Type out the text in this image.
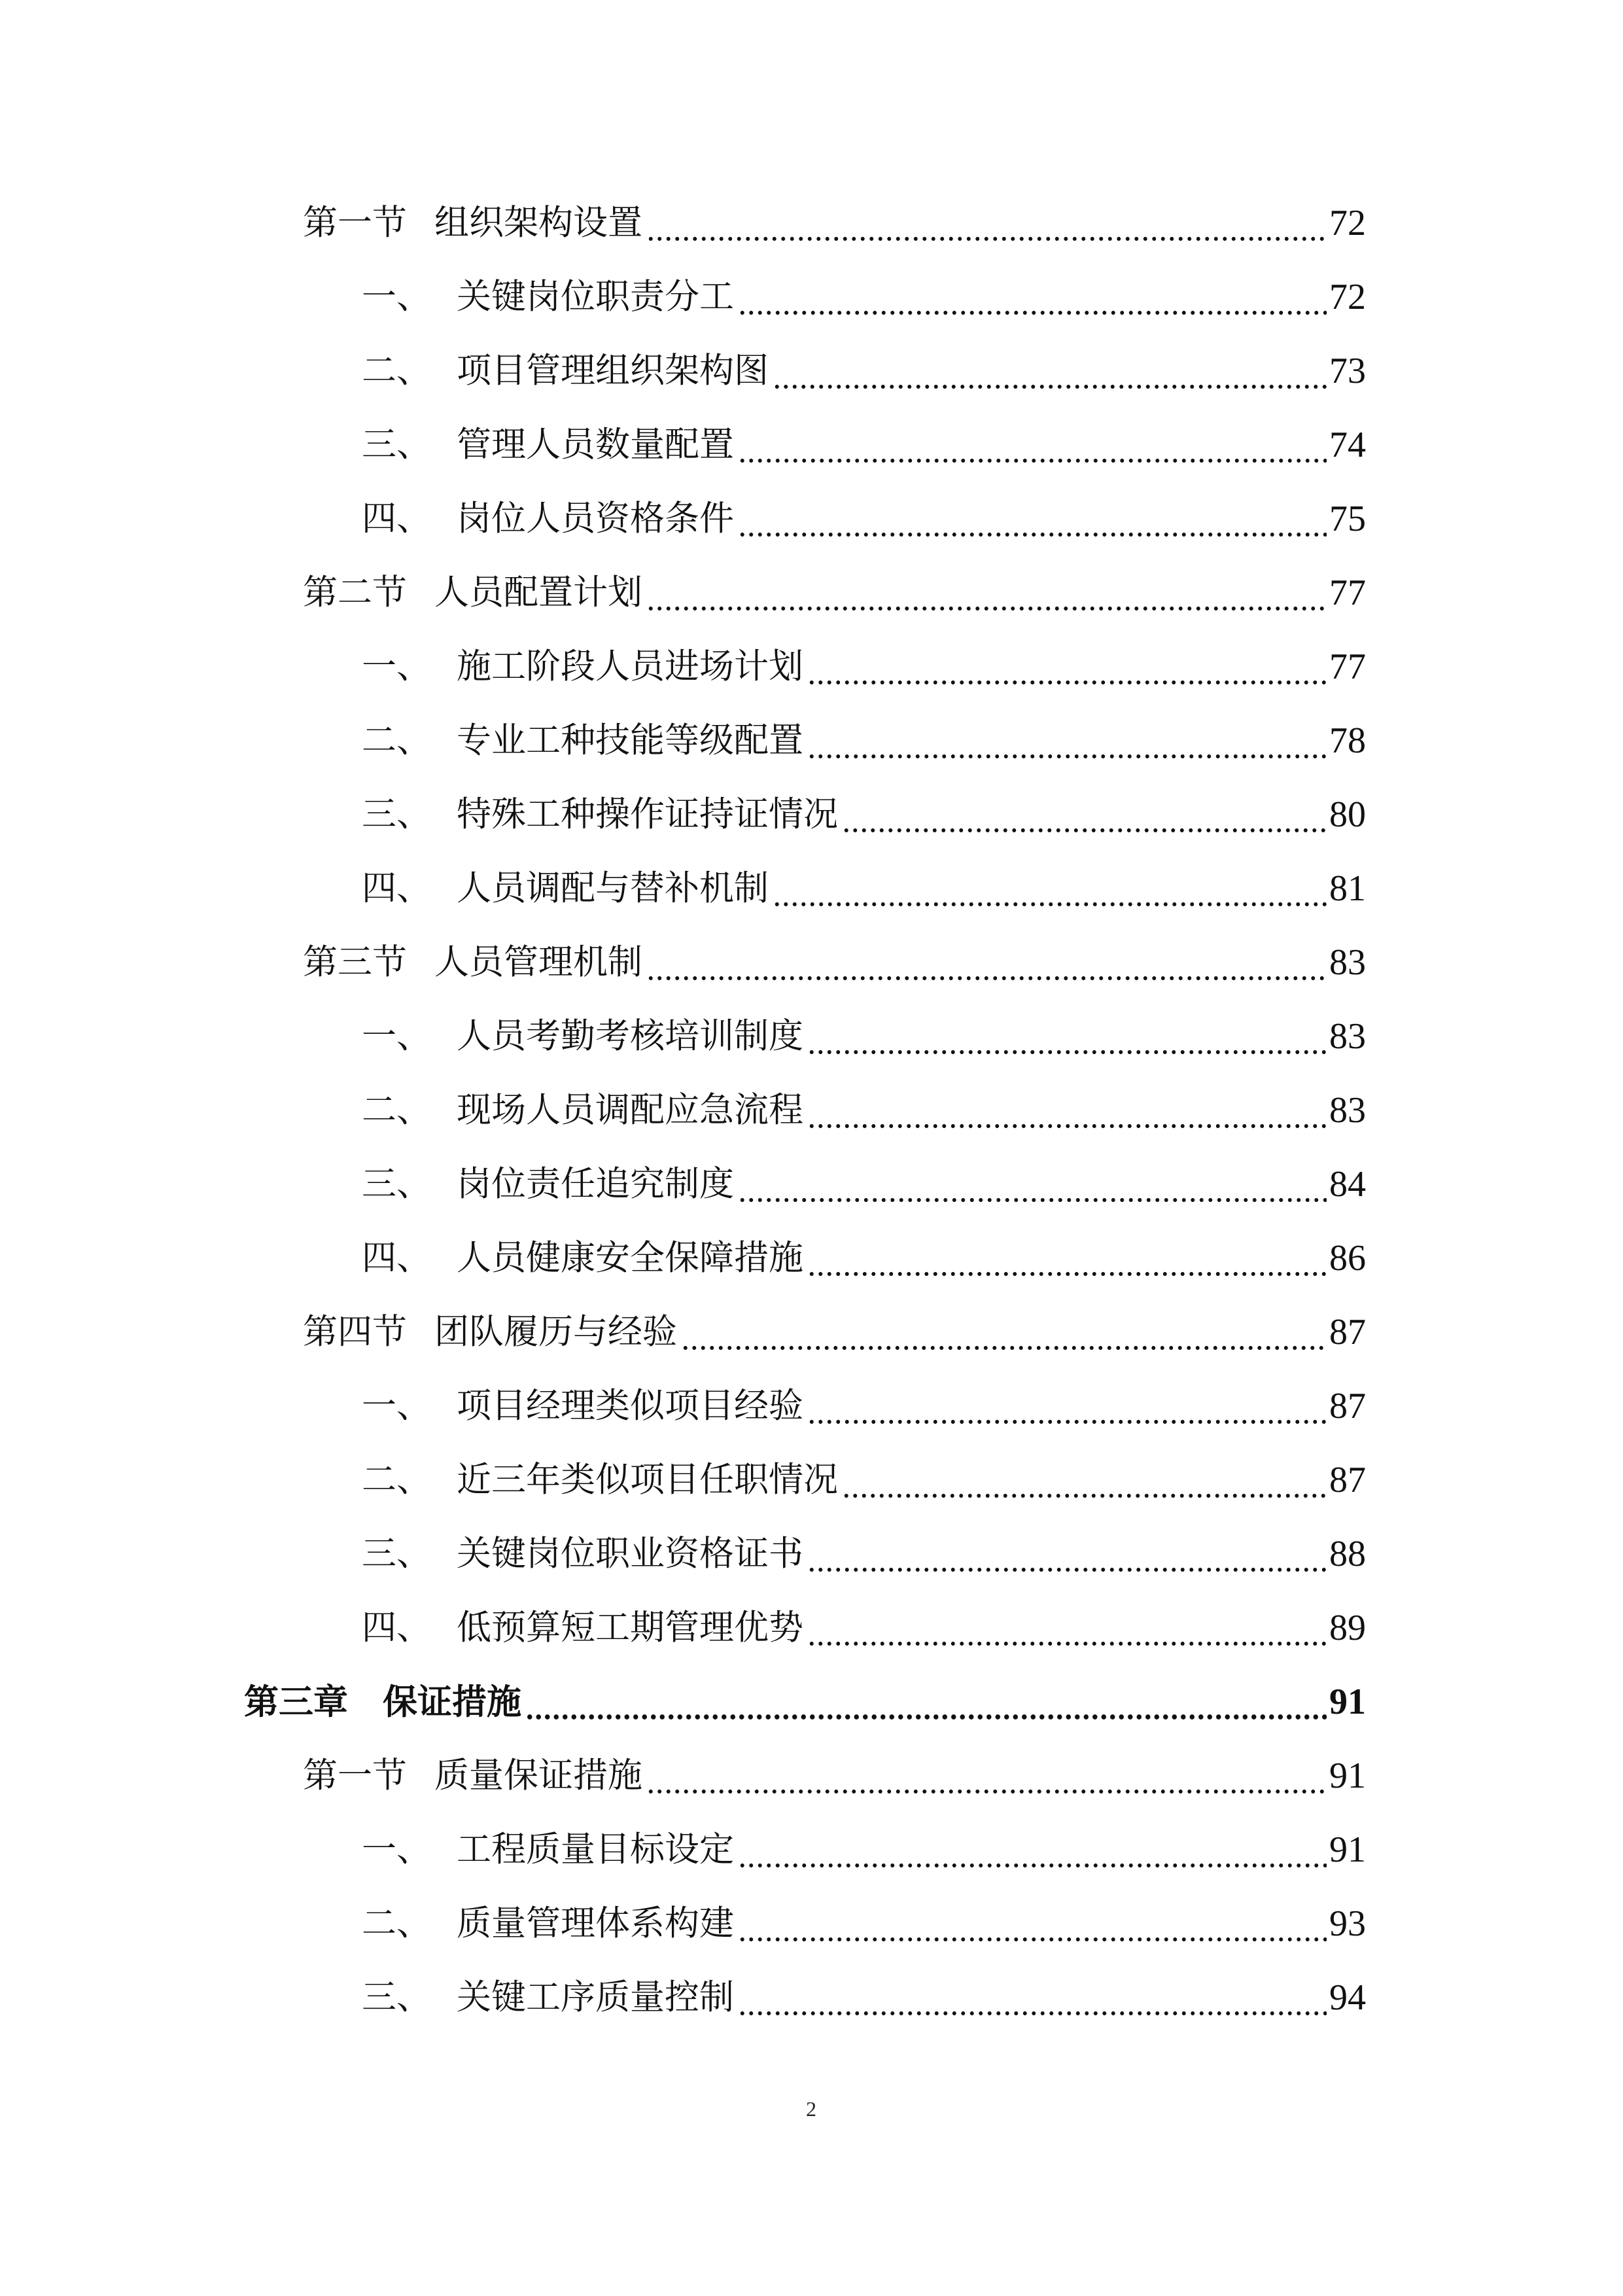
第一节 组织架构设置	72
一、 关键岗位职责分工	72
二、 项目管理组织架构图	73
三、 管理人员数量配置	74
四、 岗位人员资格条件	75
第二节 人员配置计划	77
一、 施工阶段人员进场计划	77
二、 专业工种技能等级配置	78
三、 特殊工种操作证持证情况	80
四、 人员调配与替补机制	81
第三节 人员管理机制	83
一、 人员考勤考核培训制度	83
二、 现场人员调配应急流程	83
三、 岗位责任追究制度	84
四、 人员健康安全保障措施	86
第四节 团队履历与经验	87
一、 项目经理类似项目经验	87
二、 近三年类似项目任职情况	87
三、 关键岗位职业资格证书	88
四、 低预算短工期管理优势	89
第三章	保证措施	91
第一节 质量保证措施	91
一、 工程质量目标设定	91
二、 质量管理体系构建	93
三、 关键工序质量控制	94
2
